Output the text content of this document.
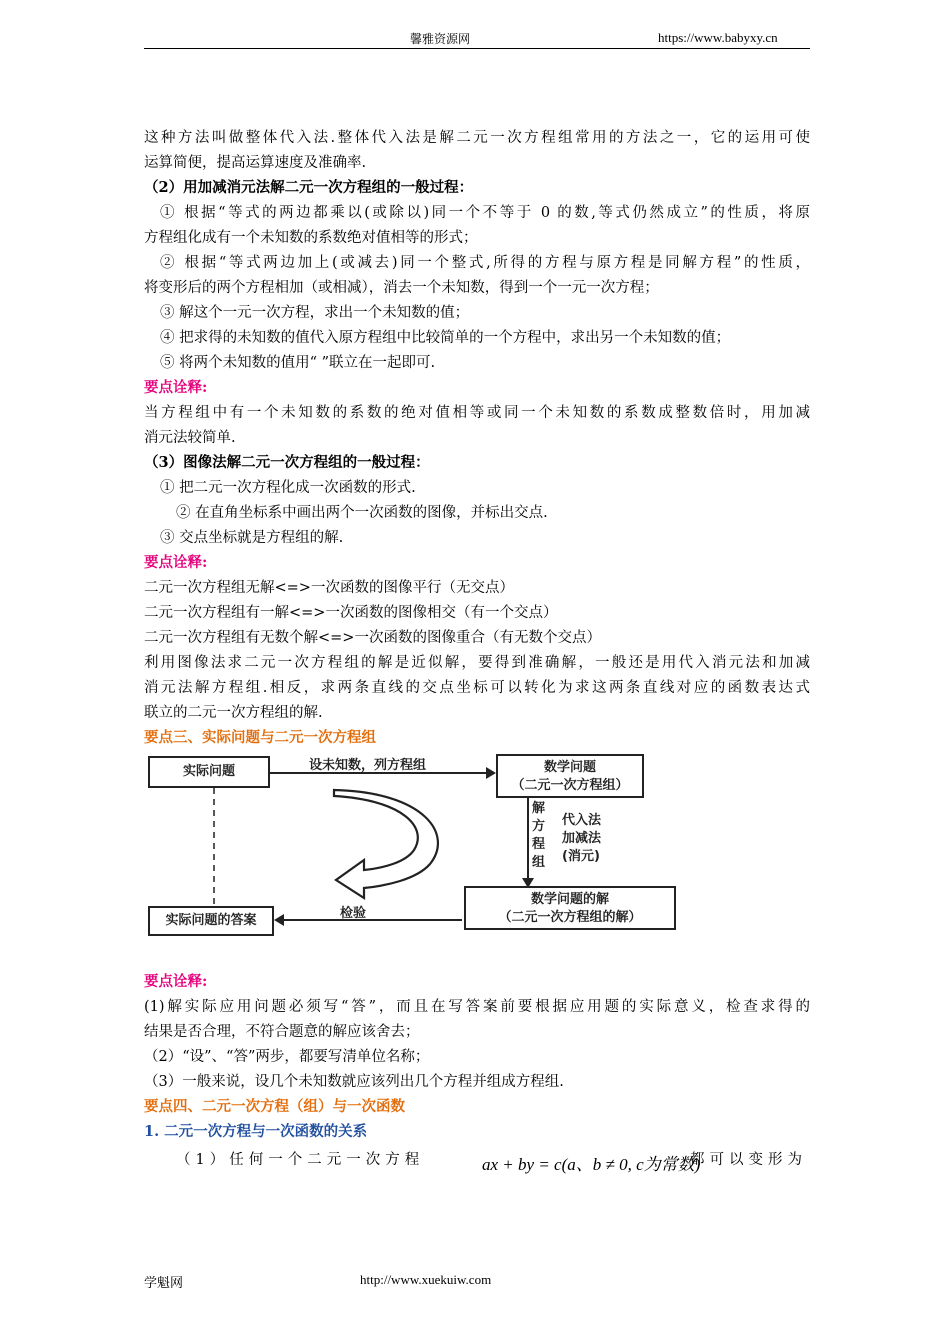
馨雅资源网	https://www.babyxy.cn
这种方法叫做整体代入法.整体代入法是解二元一次方程组常用的方法之一，它的运用可使
运算简便，提高运算速度及准确率.
（2）用加减消元法解二元一次方程组的一般过程：
① 根据“等式的两边都乘以(或除以)同一个不等于 0 的数,等式仍然成立”的性质，将原
方程组化成有一个未知数的系数绝对值相等的形式；
② 根据“等式两边加上(或减去)同一个整式,所得的方程与原方程是同解方程”的性质，
将变形后的两个方程相加（或相减），消去一个未知数，得到一个一元一次方程；
③ 解这个一元一次方程，求出一个未知数的值；
④ 把求得的未知数的值代入原方程组中比较简单的一个方程中，求出另一个未知数的值；
⑤ 将两个未知数的值用“ ”联立在一起即可.
要点诠释:
当方程组中有一个未知数的系数的绝对值相等或同一个未知数的系数成整数倍时，用加减
消元法较简单.
（3）图像法解二元一次方程组的一般过程：
① 把二元一次方程化成一次函数的形式.
② 在直角坐标系中画出两个一次函数的图像，并标出交点.
③ 交点坐标就是方程组的解.
要点诠释:
二元一次方程组无解<=>一次函数的图像平行（无交点）
二元一次方程组有一解<=>一次函数的图像相交（有一个交点）
二元一次方程组有无数个解<=>一次函数的图像重合（有无数个交点）
利用图像法求二元一次方程组的解是近似解，要得到准确解，一般还是用代入消元法和加减
消元法解方程组.相反，求两条直线的交点坐标可以转化为求这两条直线对应的函数表达式
联立的二元一次方程组的解.
要点三、实际问题与二元一次方程组
实际问题	设未知数，列方程组	数学问题
（二元一次方程组）
解方程组
代入法
加减法
(消元)
数学问题的解
（二元一次方程组的解）
检验
实际问题的答案
要点诠释:
(1)解实际应用问题必须写“答”，而且在写答案前要根据应用题的实际意义，检查求得的
结果是否合理，不符合题意的解应该舍去；
（2）“设”、“答”两步，都要写清单位名称；
（3）一般来说，设几个未知数就应该列出几个方程并组成方程组.
要点四、二元一次方程（组）与一次函数
1. 二元一次方程与一次函数的关系
（1）任何一个二元一次方程	ax + by = c(a、b ≠ 0, c为常数)
都可以变形为
学魁网	http://www.xuekuiw.com
